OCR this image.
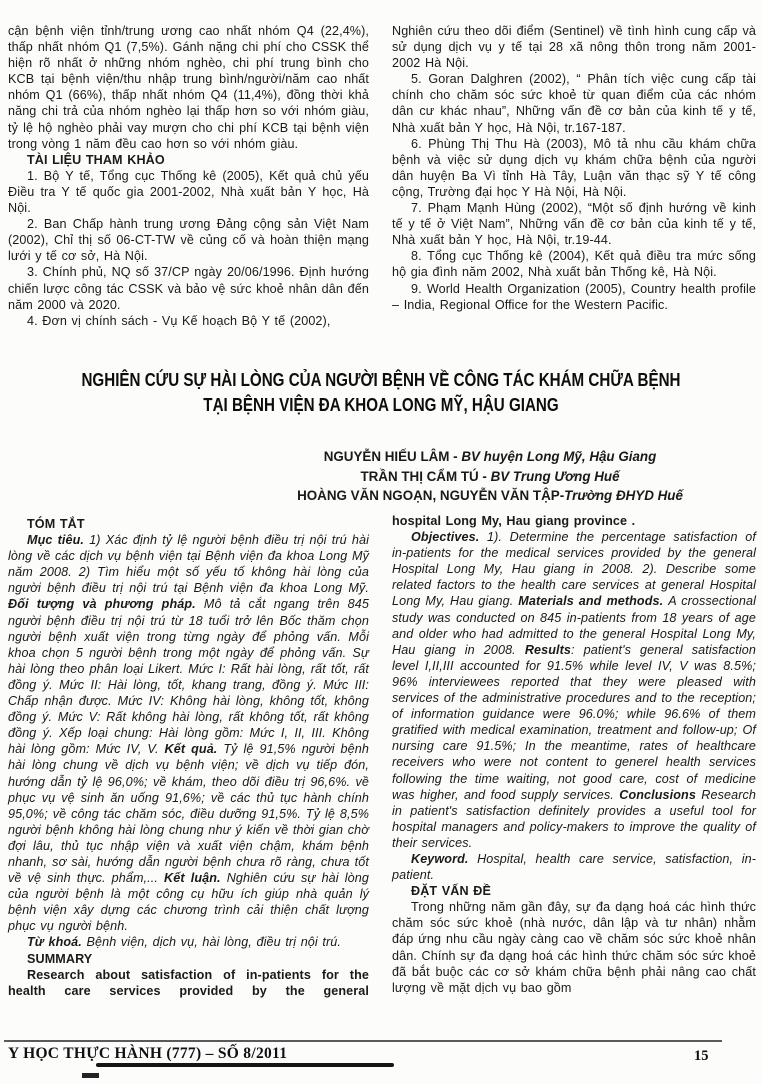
cận bệnh viện tỉnh/trung ương cao nhất nhóm Q4 (22,4%), thấp nhất nhóm Q1 (7,5%). Gánh nặng chi phí cho CSSK thể hiện rõ nhất ở những nhóm nghèo, chi phí trung bình cho KCB tại bệnh viện/thu nhập trung bình/người/năm cao nhất nhóm Q1 (66%), thấp nhất nhóm Q4 (11,4%), đồng thời khả năng chi trả của nhóm nghèo lại thấp hơn so với nhóm giàu, tỷ lệ hộ nghèo phải vay mượn cho chi phí KCB tại bệnh viện trong vòng 1 năm đều cao hơn so với nhóm giàu.

TÀI LIỆU THAM KHẢO

1. Bộ Y tế, Tổng cục Thống kê (2005), Kết quả chủ yếu Điều tra Y tế quốc gia 2001-2002, Nhà xuất bản Y học, Hà Nội.

2. Ban Chấp hành trung ương Đảng cộng sản Việt Nam (2002), Chỉ thị số 06-CT-TW về củng cố và hoàn thiện mạng lưới y tế cơ sở, Hà Nội.

3. Chính phủ, NQ số 37/CP ngày 20/06/1996. Định hướng chiến lược công tác CSSK và bảo vệ sức khoẻ nhân dân đến năm 2000 và 2020.

4. Đơn vị chính sách - Vụ Kế hoạch Bộ Y tế (2002),

Nghiên cứu theo dõi điểm (Sentinel) về tình hình cung cấp và sử dụng dịch vụ y tế tại 28 xã nông thôn trong năm 2001-2002 Hà Nội.

5. Goran Dalghren (2002), “ Phân tích việc cung cấp tài chính cho chăm sóc sức khoẻ từ quan điểm của các nhóm dân cư khác nhau”, Những vấn đề cơ bản của kinh tế y tế, Nhà xuất bản Y học, Hà Nội, tr.167-187.

6. Phùng Thị Thu Hà (2003), Mô tả nhu cầu khám chữa bệnh và việc sử dụng dịch vụ khám chữa bệnh của người dân huyện Ba Vì tỉnh Hà Tây, Luận văn thạc sỹ Y tế công cộng, Trường đại học Y Hà Nội, Hà Nội.

7. Phạm Mạnh Hùng (2002), “Một số định hướng về kinh tế y tế ở Việt Nam”, Những vấn đề cơ bản của kinh tế y tế, Nhà xuất bản Y học, Hà Nội, tr.19-44.

8. Tổng cục Thống kê (2004), Kết quả điều tra mức sống hộ gia đình năm 2002, Nhà xuất bản Thống kê, Hà Nội.

9. World Health Organization (2005), Country health profile – India, Regional Office for the Western Pacific.

NGHIÊN CỨU SỰ HÀI LÒNG CỦA NGƯỜI BỆNH VỀ CÔNG TÁC KHÁM CHỮA BỆNH
TẠI BỆNH VIỆN ĐA KHOA LONG MỸ, HẬU GIANG
NGUYỄN HIẾU LÂM - BV huyện Long Mỹ, Hậu Giang
TRẦN THỊ CẨM TÚ - BV Trung Ương Huế
HOÀNG VĂN NGOẠN, NGUYỄN VĂN TẬP-Trường ĐHYD Huế

TÓM TẮT

Mục tiêu. 1) Xác định tỷ lệ người bệnh điều trị nội trú hài lòng về các dịch vụ bệnh viện tại Bệnh viện đa khoa Long Mỹ năm 2008. 2) Tìm hiểu một số yếu tố không hài lòng của người bệnh điều trị nội trú tại Bệnh viện đa khoa Long Mỹ. Đối tượng và phương pháp. Mô tả cắt ngang trên 845 người bệnh điều trị nội trú từ 18 tuổi trở lên Bốc thăm chọn người bệnh xuất viện trong từng ngày để phỏng vấn. Mỗi khoa chọn 5 người bệnh trong một ngày để phỏng vấn. Sự hài lòng theo phân loại Likert. Mức I: Rất hài lòng, rất tốt, rất đồng ý. Mức II: Hài lòng, tốt, khang trang, đồng ý. Mức III: Chấp nhận được. Mức IV: Không hài lòng, không tốt, không đồng ý. Mức V: Rất không hài lòng, rất không tốt, rất không đồng ý. Xếp loại chung: Hài lòng gồm: Mức I, II, III. Không hài lòng gồm: Mức IV, V. Kết quả. Tỷ lệ 91,5% người bệnh hài lòng chung về dịch vụ bệnh viện; về dịch vụ tiếp đón, hướng dẫn tỷ lệ 96,0%; về khám, theo dõi điều trị 96,6%. về phục vụ vệ sinh ăn uống 91,6%; về các thủ tục hành chính 95,0%; về công tác chăm sóc, điều dưỡng 91,5%. Tỷ lệ 8,5% người bệnh không hài lòng chung như ý kiến về thời gian chờ đợi lâu, thủ tục nhập viện và xuất viện chậm, khám bệnh nhanh, sơ sài, hướng dẫn người bệnh chưa rõ ràng, chưa tốt về vệ sinh thực. phẩm,... Kết luận. Nghiên cứu sự hài lòng của người bệnh là một công cụ hữu ích giúp nhà quản lý bệnh viện xây dựng các chương trình cải thiện chất lượng phục vụ người bệnh.

Từ khoá. Bệnh viện, dịch vụ, hài lòng, điều trị nội trú.

SUMMARY

Research about satisfaction of in-patients for the health care services provided by the general

hospital Long My, Hau giang province .

Objectives. 1). Determine the percentage satisfaction of in-patients for the medical services provided by the general Hospital Long My, Hau giang in 2008. 2). Describe some related factors to the health care services at general Hospital Long My, Hau giang. Materials and methods. A crossectional study was conducted on 845 in-patients from 18 years of age and older who had admitted to the general Hospital Long My, Hau giang in 2008. Results: patient's general satisfaction level I,II,III accounted for 91.5% while level IV, V was 8.5%; 96% interviewees reported that they were pleased with services of the administrative procedures and to the reception; of information guidance were 96.0%; while 96.6% of them gratified with medical examination, treatment and follow-up; Of nursing care 91.5%; In the meantime, rates of healthcare receivers who were not content to generel health services following the time waiting, not good care, cost of medicine was higher, and food supply services. Conclusions Research in patient's satisfaction definitely provides a useful tool for hospital managers and policy-makers to improve the quality of their services.

Keyword. Hospital, health care service, satisfaction, in-patient.

ĐẶT VẤN ĐỀ

Trong những năm gần đây, sự đa dạng hoá các hình thức chăm sóc sức khoẻ (nhà nước, dân lập và tư nhân) nhằm đáp ứng nhu cầu ngày càng cao về chăm sóc sức khoẻ nhân dân. Chính sự đa dạng hoá các hình thức chăm sóc sức khoẻ đã bắt buộc các cơ sở khám chữa bệnh phải nâng cao chất lượng về mặt dịch vụ bao gồm

Y HỌC THỰC HÀNH (777) – SỐ 8/2011	15
